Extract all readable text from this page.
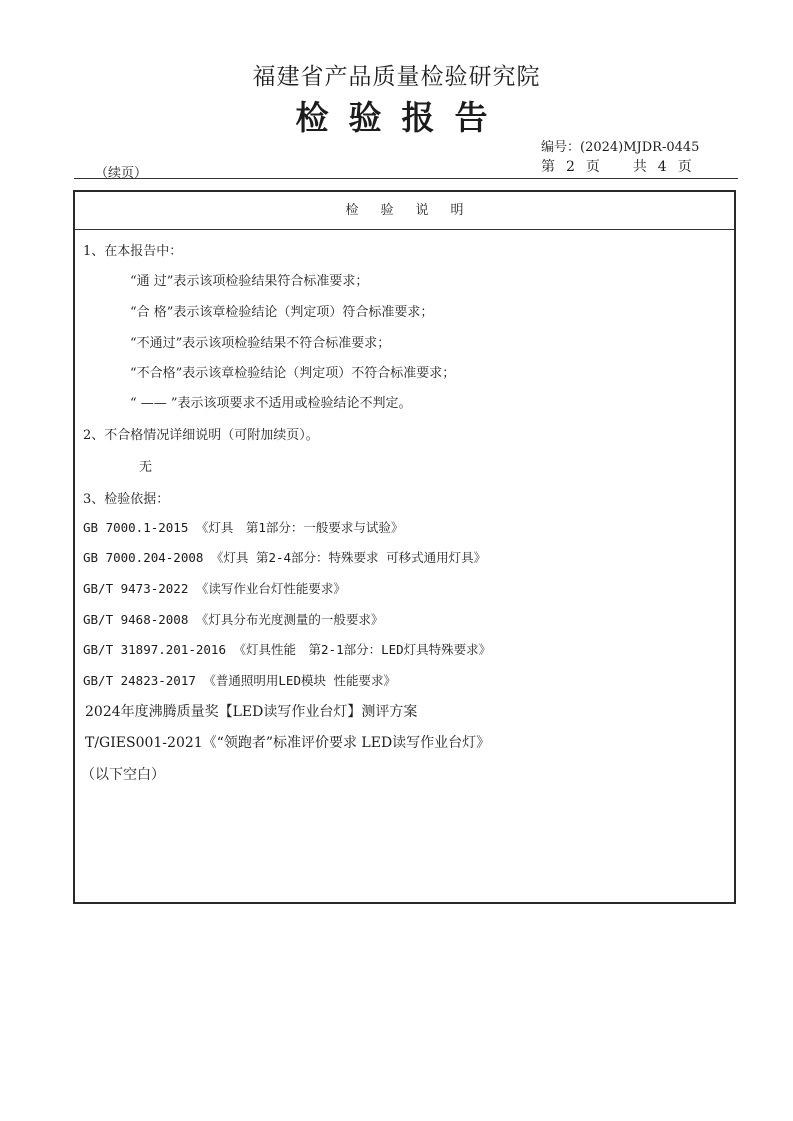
福建省产品质量检验研究院
检验报告
编号：(2024)MJDR-0445
（续页）	第 2 页 共 4 页
检验说明
1、在本报告中：
“通 过”表示该项检验结果符合标准要求；
“合 格”表示该章检验结论（判定项）符合标准要求；
“不通过”表示该项检验结果不符合标准要求；
“不合格”表示该章检验结论（判定项）不符合标准要求；
“ —— ”表示该项要求不适用或检验结论不判定。
2、不合格情况详细说明（可附加续页）。
无
3、检验依据：
GB 7000.1-2015 《灯具　第1部分：一般要求与试验》
GB 7000.204-2008 《灯具 第2-4部分：特殊要求 可移式通用灯具》
GB/T 9473-2022 《读写作业台灯性能要求》
GB/T 9468-2008 《灯具分布光度测量的一般要求》
GB/T 31897.201-2016 《灯具性能　第2-1部分：LED灯具特殊要求》
GB/T 24823-2017 《普通照明用LED模块 性能要求》
2024年度沸腾质量奖【LED读写作业台灯】测评方案
T/GIES001-2021《“领跑者”标准评价要求 LED读写作业台灯》
（以下空白）
